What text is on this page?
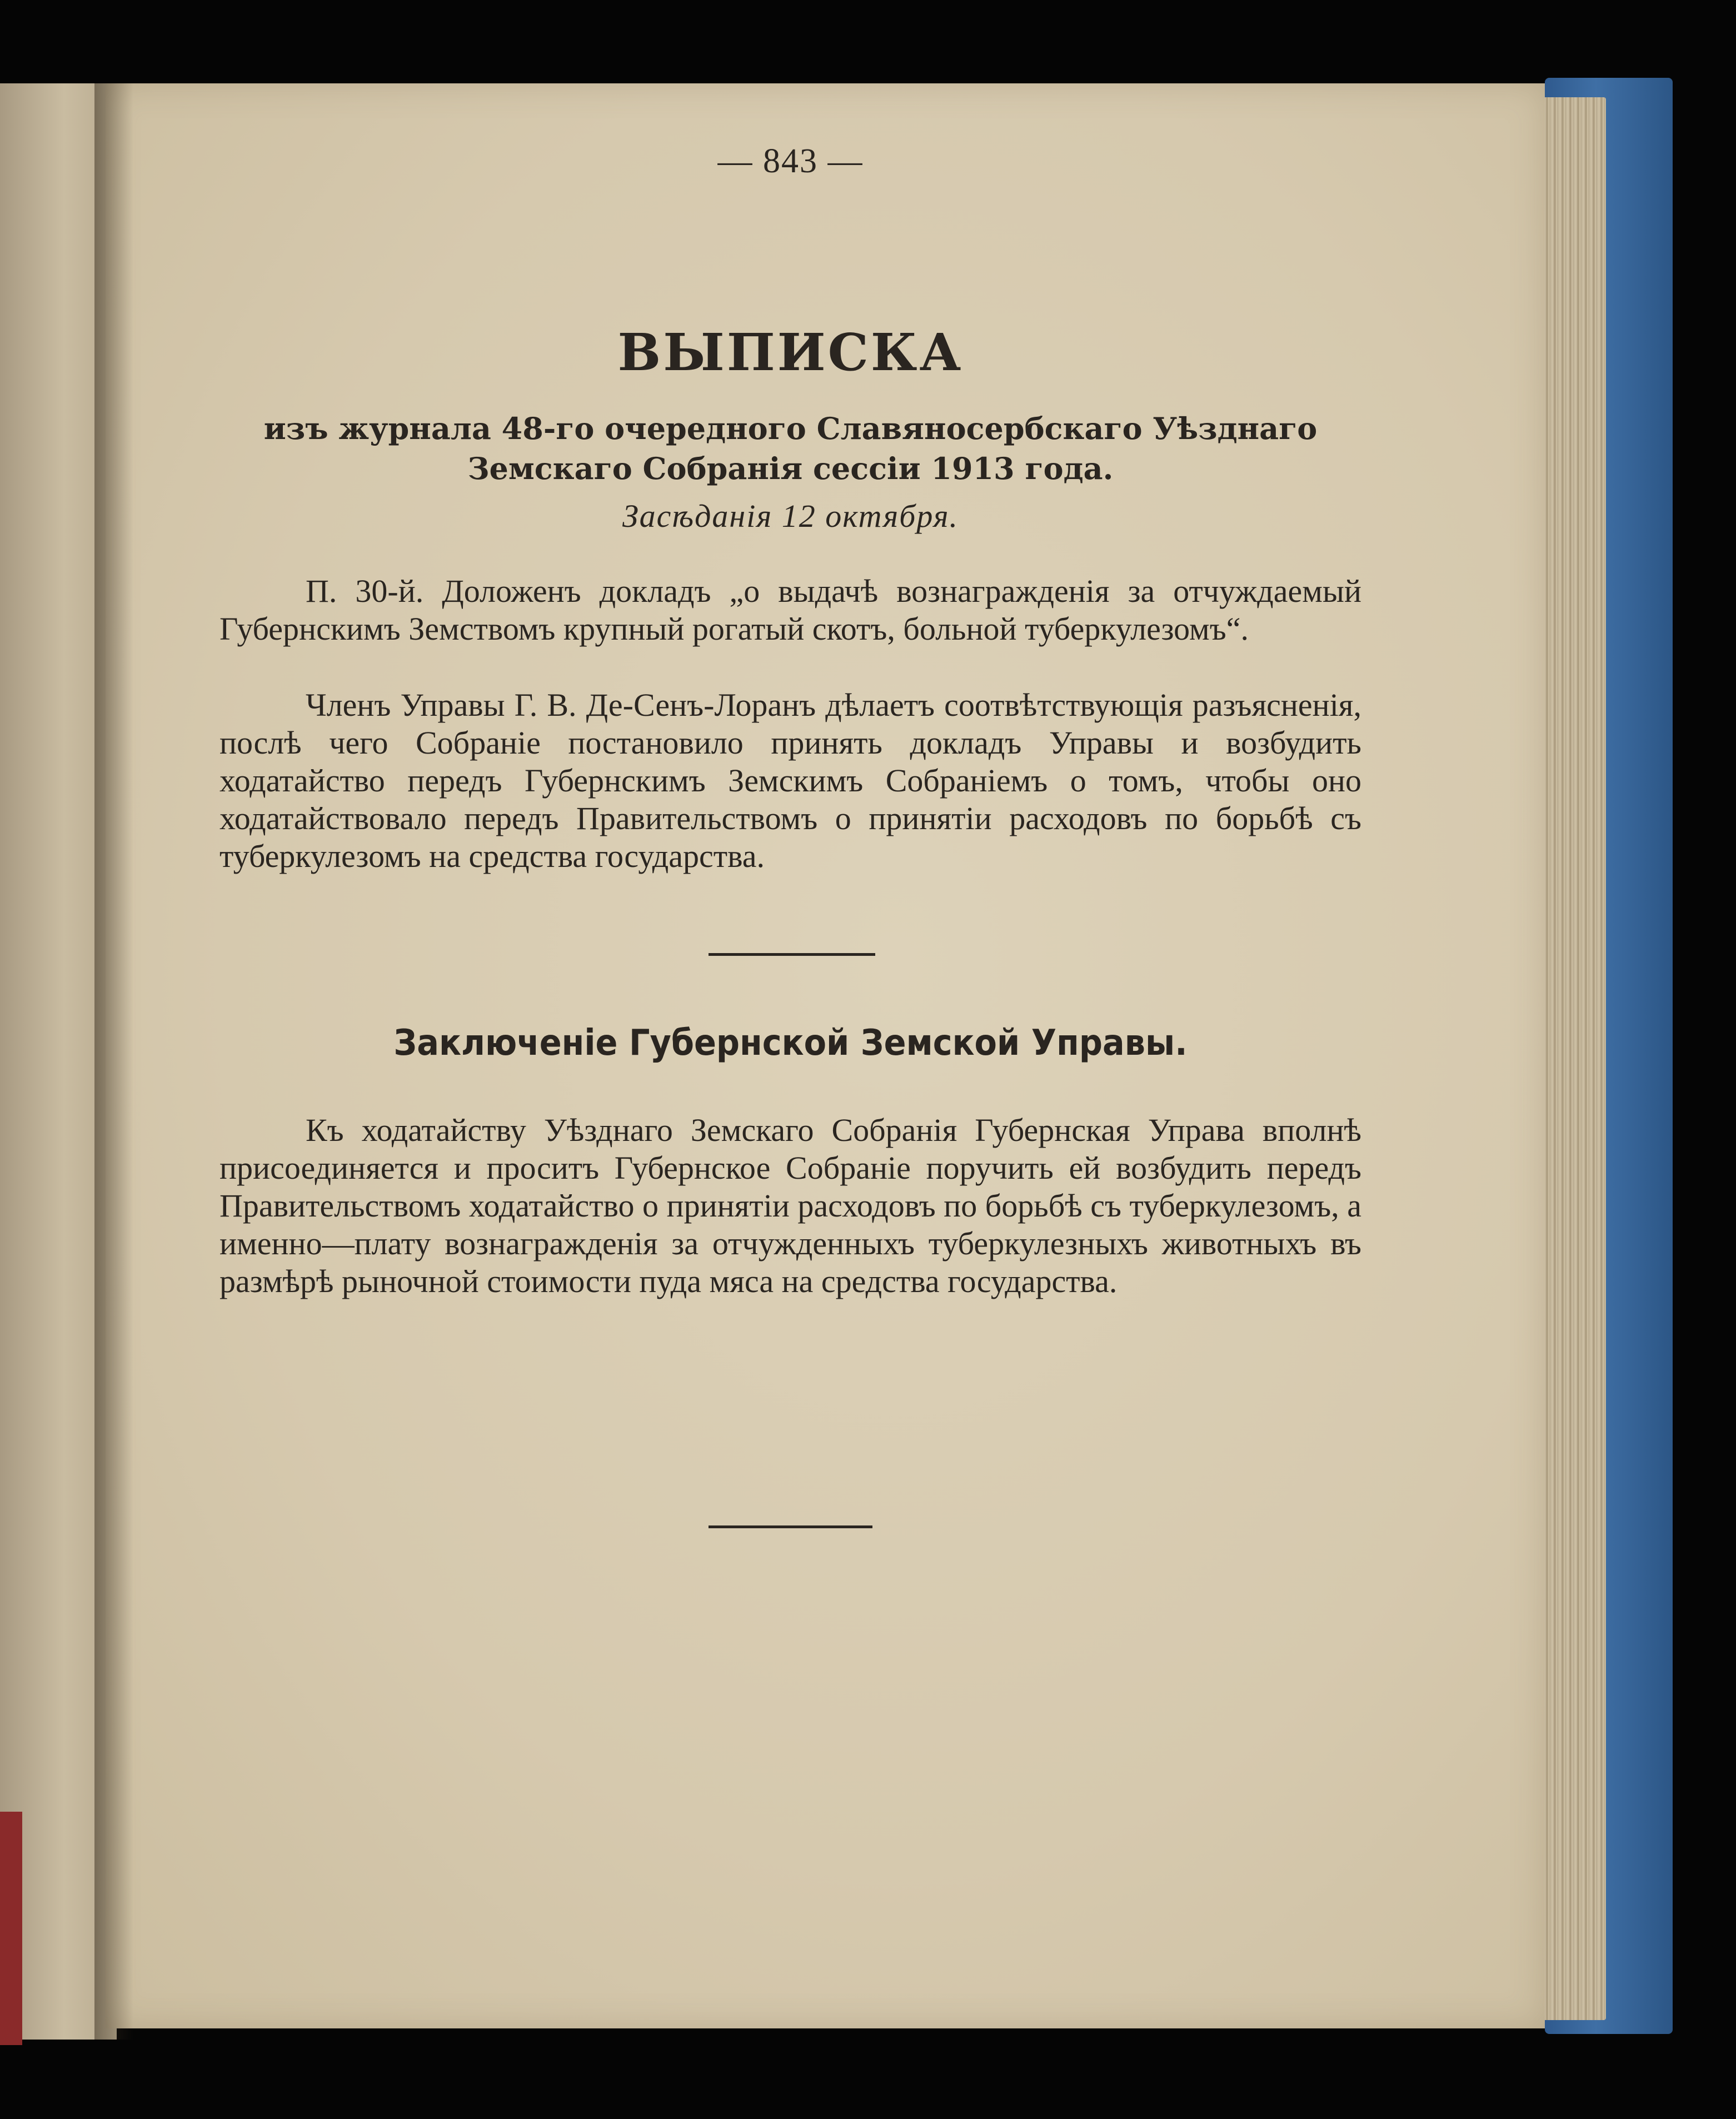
— 843 —
ВЫПИСКА
изъ журнала 48-го очередного Славяносербскаго Уѣзднаго Земскаго Собранія сессіи 1913 года.
Засѣданія 12 октября.

П. 30-й. Доложенъ докладъ „о выдачѣ вознагражденія за отчуждаемый Губернскимъ Земствомъ крупный рогатый скотъ, больной туберкулезомъ“.

Членъ Управы Г. В. Де-Сенъ-Лоранъ дѣлаетъ соотвѣтствующія разъясненія, послѣ чего Собраніе постановило принять докладъ Управы и возбудить ходатайство передъ Губернскимъ Земскимъ Собраніемъ о томъ, чтобы оно ходатайствовало передъ Правительствомъ о принятіи расходовъ по борьбѣ съ туберкулезомъ на средства государства.

Заключеніе Губернской Земской Управы.

Къ ходатайству Уѣзднаго Земскаго Собранія Губернская Управа вполнѣ присоединяется и проситъ Губернское Собраніе поручить ей возбудить передъ Правительствомъ ходатайство о принятіи расходовъ по борьбѣ съ туберкулезомъ, а именно—плату вознагражденія за отчужденныхъ туберкулезныхъ животныхъ въ размѣрѣ рыночной стоимости пуда мяса на средства государства.
